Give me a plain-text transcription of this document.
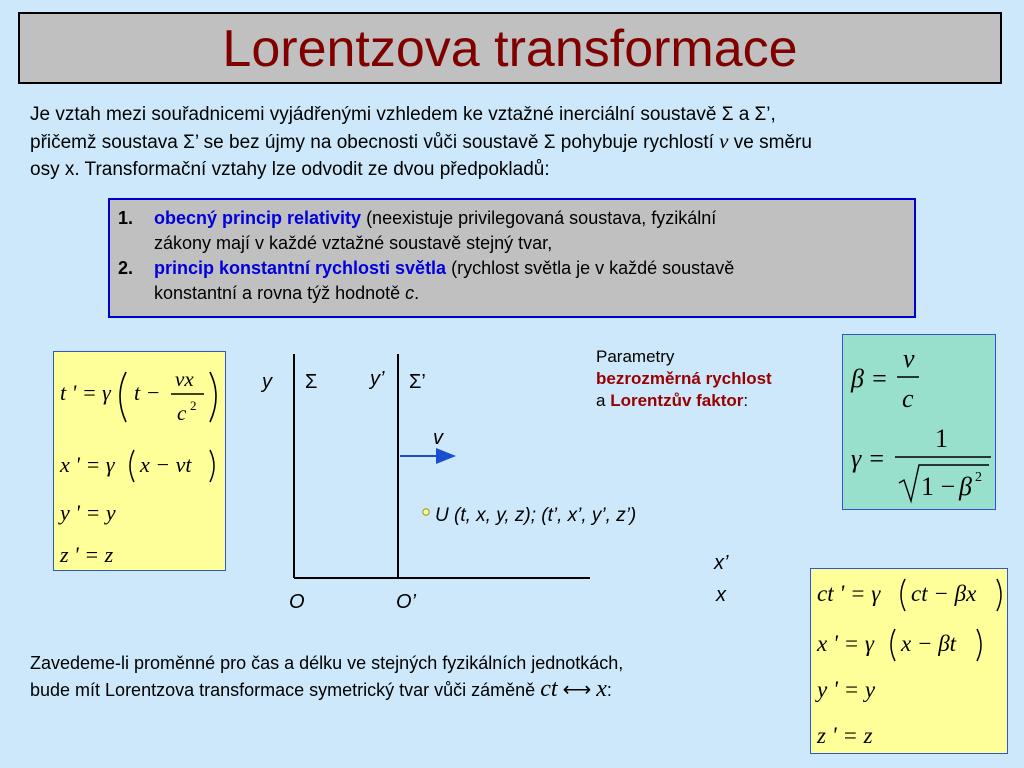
Lorentzova transformace
Je vztah mezi souřadnicemi vyjádřenými vzhledem ke vztažné inerciální soustavě Σ a Σ’,
přičemž soustava Σ’ se bez újmy na obecnosti vůči soustavě Σ pohybuje rychlostí v ve směru
osy x. Transformační vztahy lze odvodit ze dvou předpokladů:
1.	obecný princip relativity (neexistuje privilegovaná soustava, fyzikální
zákony mají v každé vztažné soustavě stejný tvar,
2.	princip konstantní rychlosti světla (rychlost světla je v každé soustavě
konstantní a rovna týž hodnotě c.
t ' = γ t −
vx
c 2
x ' = γ x − vt
y ' = y
z ' = z
y Σ	y’ Σ’
v
U (t, x, y, z); (t’, x’, y’, z’)
x’
x
O	O’
Parametry
bezrozměrná rychlost
a Lorentzův faktor:
β =
v
c
γ =
1
1 − β 2
ct ' = γ ct − βx
x ' = γ x − βt
y ' = y
z ' = z
Zavedeme-li proměnné pro čas a délku ve stejných fyzikálních jednotkách,
bude mít Lorentzova transformace symetrický tvar vůči záměně ct ⟷ x:
